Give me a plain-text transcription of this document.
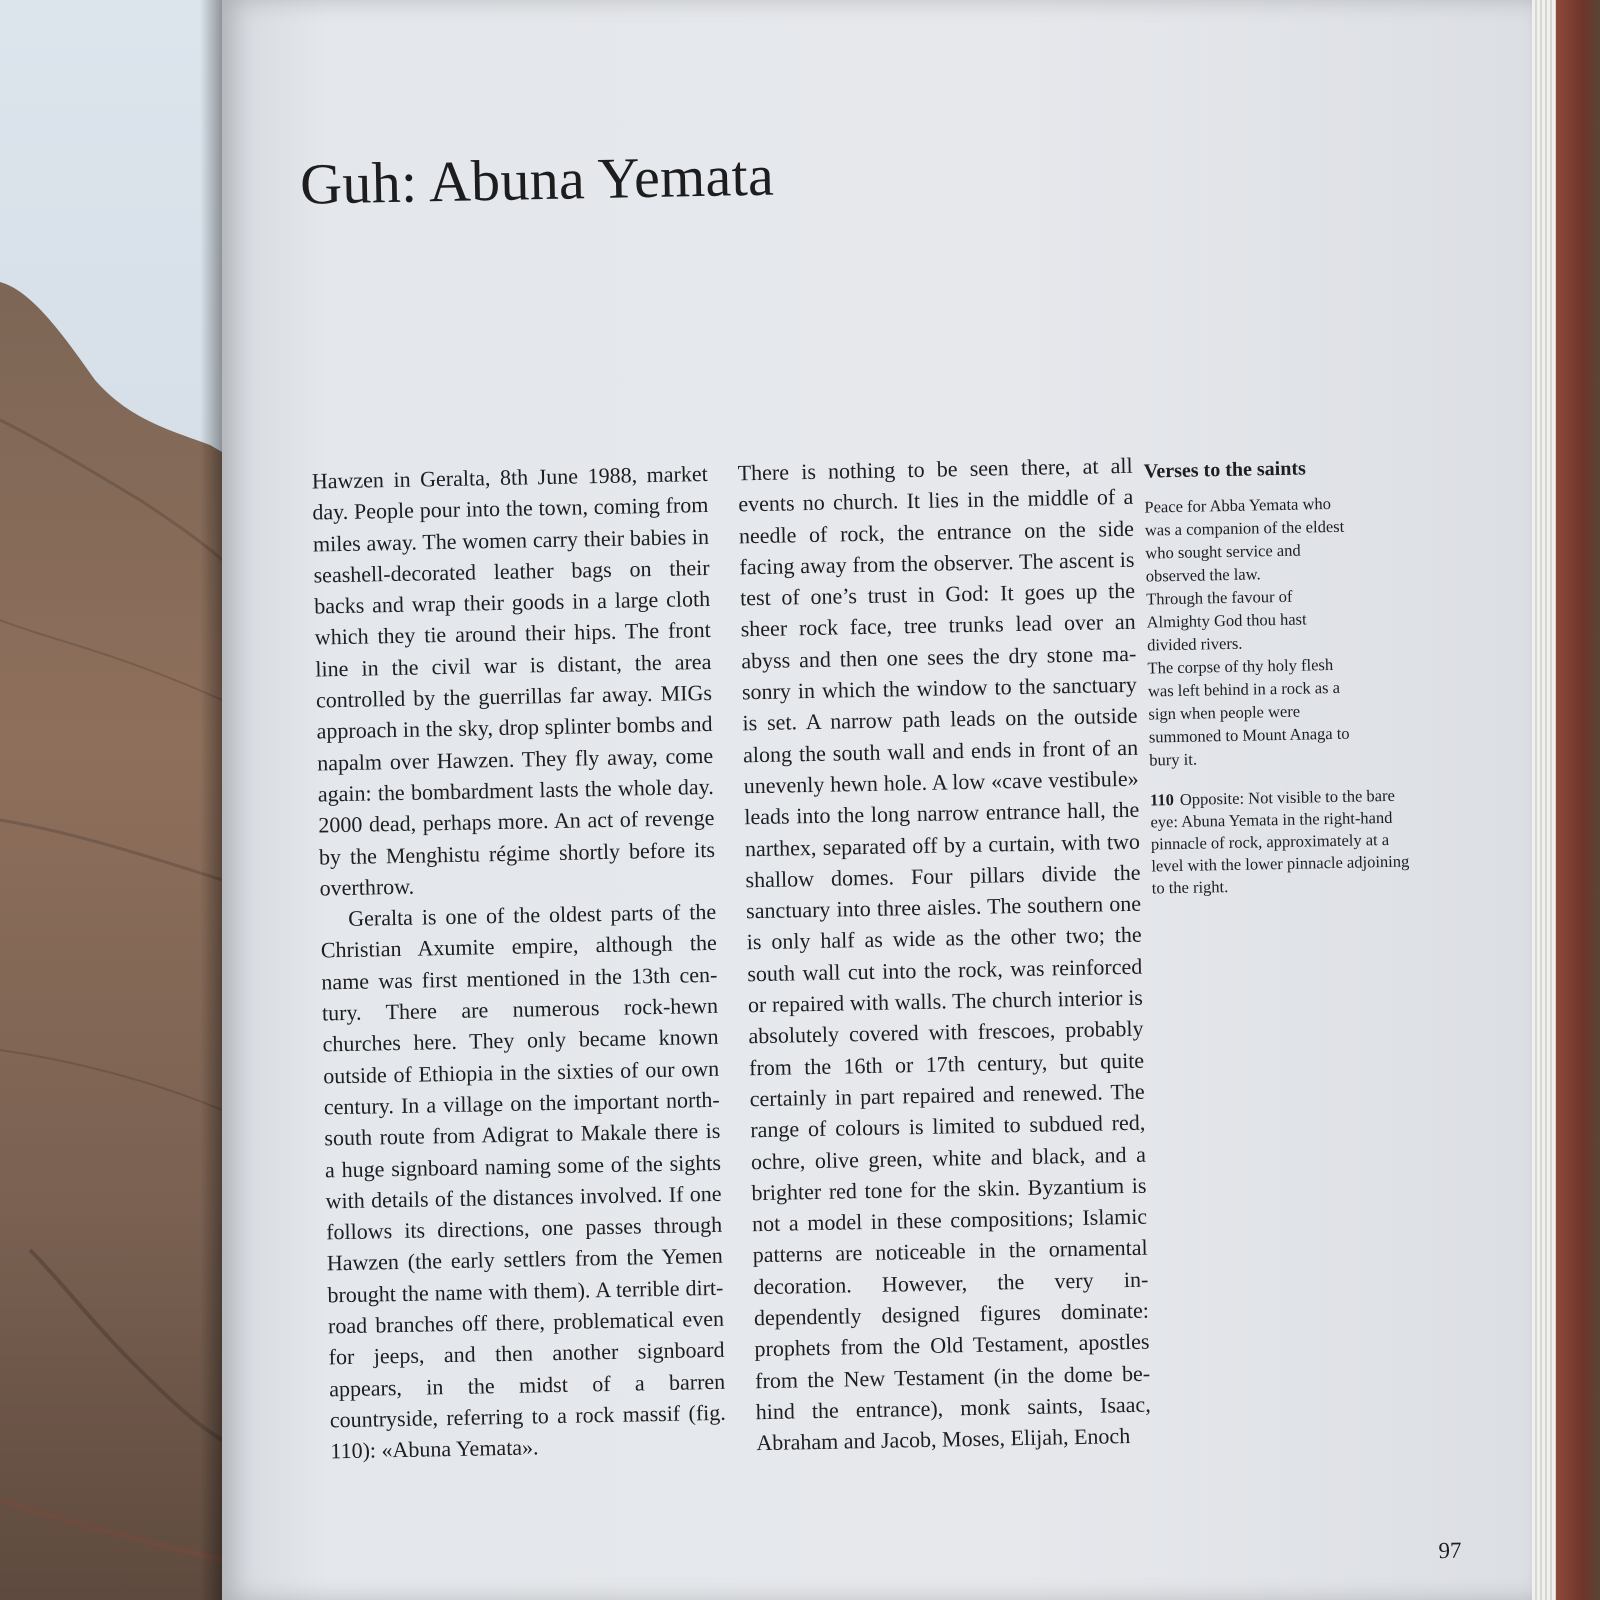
Guh: Abuna Yemata

Hawzen in Geralta, 8th June 1988, market day. People pour into the town, coming from miles away. The women carry their babies in seashell-decorated leather bags on their backs and wrap their goods in a large cloth which they tie around their hips. The front line in the civil war is distant, the area controlled by the guerrillas far away. MIGs approach in the sky, drop splinter bombs and napalm over Hawzen. They fly away, come again: the bombardment lasts the whole day. 2000 dead, perhaps more. An act of revenge by the Menghistu régime shortly before its overthrow.

Geralta is one of the oldest parts of the Christian Axumite empire, although the name was first mentioned in the 13th century. There are numerous rock-hewn churches here. They only became known outside of Ethiopia in the sixties of our own century. In a village on the important north-south route from Adigrat to Makale there is a huge signboard naming some of the sights with details of the distances involved. If one follows its directions, one passes through Hawzen (the early settlers from the Yemen brought the name with them). A terrible dirt-road branches off there, problematical even for jeeps, and then another signboard appears, in the midst of a barren countryside, referring to a rock massif (fig. 110): «Abuna Yemata».

There is nothing to be seen there, at all events no church. It lies in the middle of a needle of rock, the entrance on the side facing away from the observer. The ascent is test of one’s trust in God: It goes up the sheer rock face, tree trunks lead over an abyss and then one sees the dry stone masonry in which the window to the sanctuary is set. A narrow path leads on the outside along the south wall and ends in front of an unevenly hewn hole. A low «cave vestibule» leads into the long narrow entrance hall, the narthex, separated off by a curtain, with two shallow domes. Four pillars divide the sanctuary into three aisles. The southern one is only half as wide as the other two; the south wall cut into the rock, was reinforced or repaired with walls. The church interior is absolutely covered with frescoes, probably from the 16th or 17th century, but quite certainly in part repaired and renewed. The range of colours is limited to subdued red, ochre, olive green, white and black, and a brighter red tone for the skin. Byzantium is not a model in these compositions; Islamic patterns are noticeable in the ornamental decoration. However, the very independently designed figures dominate: prophets from the Old Testament, apostles from the New Testament (in the dome behind the entrance), monk saints, Isaac, Abraham and Jacob, Moses, Elijah, Enoch

Verses to the saints
Peace for Abba Yemata who
was a companion of the eldest
who sought service and
observed the law.
Through the favour of
Almighty God thou hast
divided rivers.
The corpse of thy holy flesh
was left behind in a rock as a
sign when people were
summoned to Mount Anaga to
bury it.

110 Opposite: Not visible to the bare eye: Abuna Yemata in the right-hand pinnacle of rock, approximately at a level with the lower pinnacle adjoining to the right.

97
